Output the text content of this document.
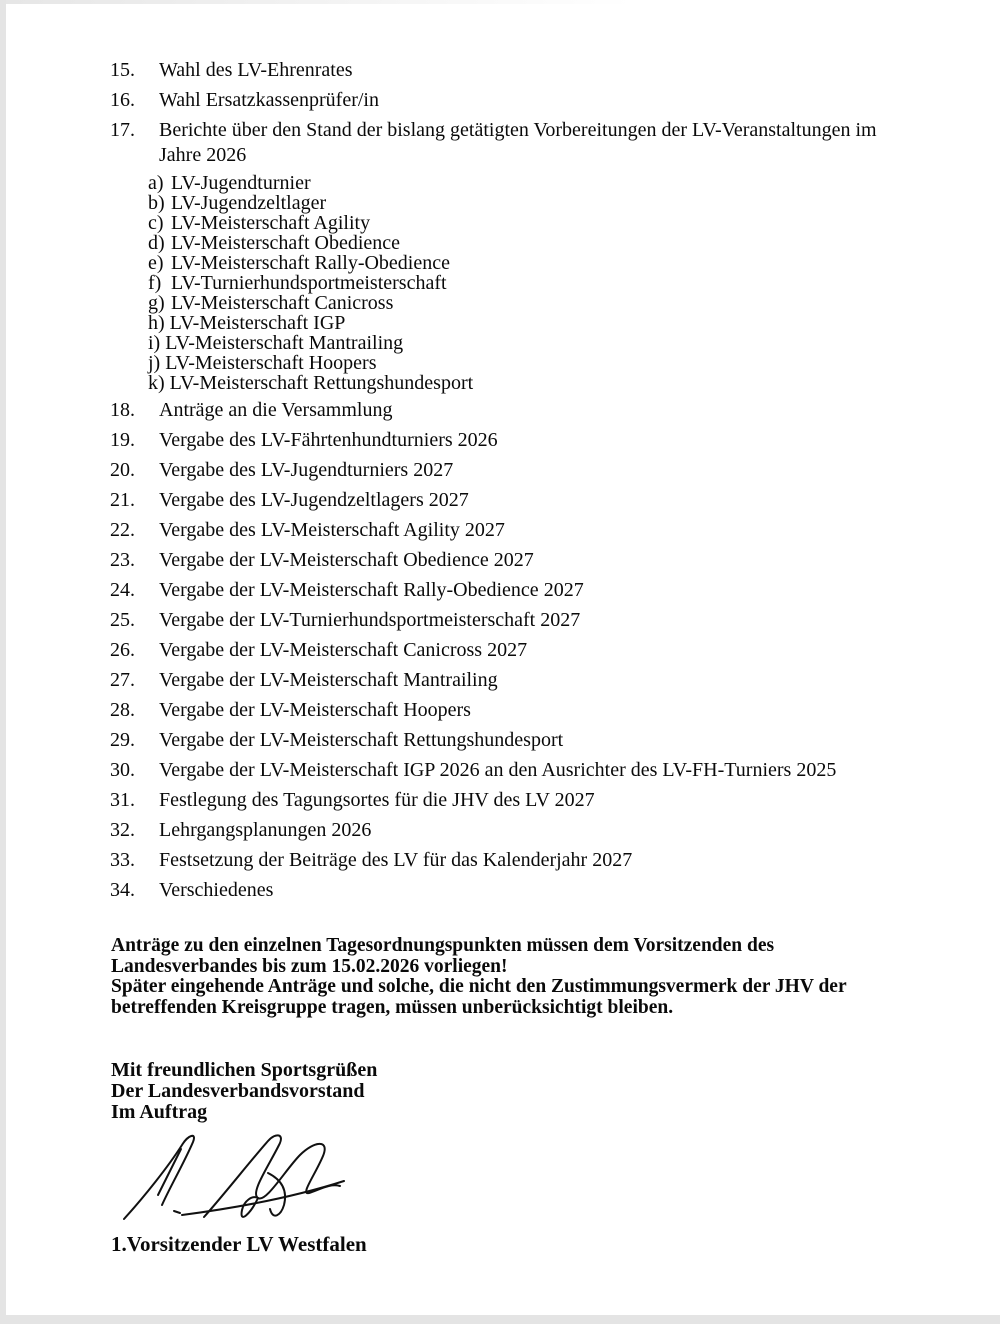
15.	Wahl des LV-Ehrenrates
16.	Wahl Ersatzkassenprüfer/in
17.	Berichte über den Stand der bislang getätigten Vorbereitungen der LV-Veranstaltungen im
Jahre 2026
a) LV-Jugendturnier
b) LV-Jugendzeltlager
c) LV-Meisterschaft Agility
d) LV-Meisterschaft Obedience
e) LV-Meisterschaft Rally-Obedience
f) LV-Turnierhundsportmeisterschaft
g) LV-Meisterschaft Canicross
h) LV-Meisterschaft IGP
i) LV-Meisterschaft Mantrailing
j) LV-Meisterschaft Hoopers
k) LV-Meisterschaft Rettungshundesport
18.	Anträge an die Versammlung
19.	Vergabe des LV-Fährtenhundturniers 2026
20.	Vergabe des LV-Jugendturniers 2027
21.	Vergabe des LV-Jugendzeltlagers 2027
22.	Vergabe des LV-Meisterschaft Agility 2027
23.	Vergabe der LV-Meisterschaft Obedience 2027
24.	Vergabe der LV-Meisterschaft Rally-Obedience 2027
25.	Vergabe der LV-Turnierhundsportmeisterschaft 2027
26.	Vergabe der LV-Meisterschaft Canicross 2027
27.	Vergabe der LV-Meisterschaft Mantrailing
28.	Vergabe der LV-Meisterschaft Hoopers
29.	Vergabe der LV-Meisterschaft Rettungshundesport
30.	Vergabe der LV-Meisterschaft IGP 2026 an den Ausrichter des LV-FH-Turniers 2025
31.	Festlegung des Tagungsortes für die JHV des LV 2027
32.	Lehrgangsplanungen 2026
33.	Festsetzung der Beiträge des LV für das Kalenderjahr 2027
34.	Verschiedenes
Anträge zu den einzelnen Tagesordnungspunkten müssen dem Vorsitzenden des
Landesverbandes bis zum 15.02.2026 vorliegen!
Später eingehende Anträge und solche, die nicht den Zustimmungsvermerk der JHV der
betreffenden Kreisgruppe tragen, müssen unberücksichtigt bleiben.
Mit freundlichen Sportsgrüßen
Der Landesverbandsvorstand
Im Auftrag
1.Vorsitzender LV Westfalen
